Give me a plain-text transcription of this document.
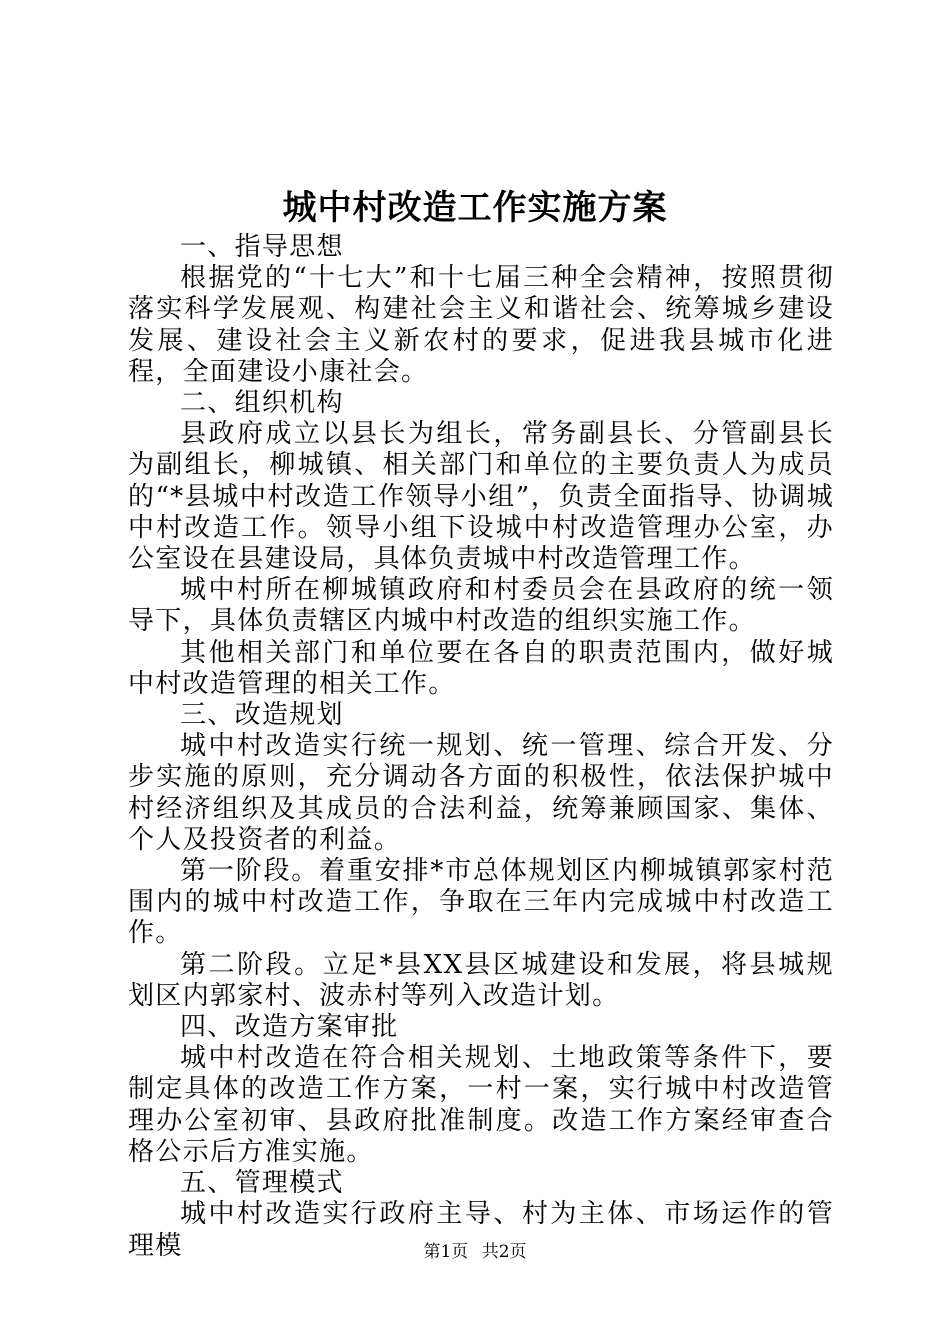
城中村改造工作实施方案

一、指导思想

根据党的“十七大”和十七届三种全会精神，按照贯彻落实科学发展观、构建社会主义和谐社会、统筹城乡建设发展、建设社会主义新农村的要求，促进我县城市化进程，全面建设小康社会。

二、组织机构

县政府成立以县长为组长，常务副县长、分管副县长为副组长，柳城镇、相关部门和单位的主要负责人为成员的“*县城中村改造工作领导小组”，负责全面指导、协调城中村改造工作。领导小组下设城中村改造管理办公室，办公室设在县建设局，具体负责城中村改造管理工作。

城中村所在柳城镇政府和村委员会在县政府的统一领导下，具体负责辖区内城中村改造的组织实施工作。

其他相关部门和单位要在各自的职责范围内，做好城中村改造管理的相关工作。

三、改造规划

城中村改造实行统一规划、统一管理、综合开发、分步实施的原则，充分调动各方面的积极性，依法保护城中村经济组织及其成员的合法利益，统筹兼顾国家、集体、个人及投资者的利益。

第一阶段。着重安排*市总体规划区内柳城镇郭家村范围内的城中村改造工作，争取在三年内完成城中村改造工作。

第二阶段。立足*县XX县区城建设和发展，将县城规划区内郭家村、波赤村等列入改造计划。

四、改造方案审批

城中村改造在符合相关规划、土地政策等条件下，要制定具体的改造工作方案，一村一案，实行城中村改造管理办公室初审、县政府批准制度。改造工作方案经审查合格公示后方准实施。

五、管理模式

城中村改造实行政府主导、村为主体、市场运作的管理模	第1页 共2页
